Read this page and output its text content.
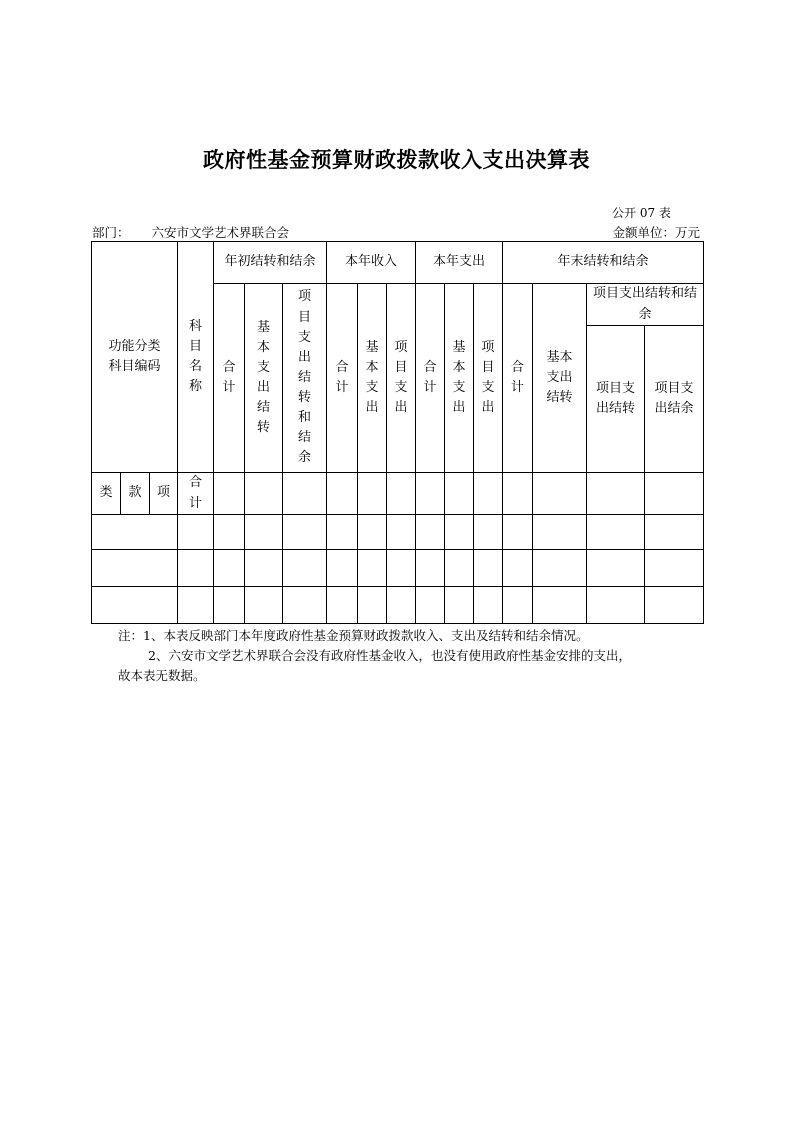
政府性基金预算财政拨款收入支出决算表
公开 07 表
部门： 六安市文学艺术界联合会	金额单位：万元
功能分类科目编码			科目名称	年初结转和结余			本年收入			本年支出			年末结转和结余			
				合计	基本支出结转	项目支出结转和结余	合计	基本支出	项目支出	合计	基本支出	项目支出	合计	基本支出结转	项目支出结转和结余	
															项目支出结转	项目支出结余
类	款	项	合计													

注：1、本表反映部门本年度政府性基金预算财政拨款收入、支出及结转和结余情况。
2、六安市文学艺术界联合会没有政府性基金收入，也没有使用政府性基金安排的支出，
故本表无数据。
